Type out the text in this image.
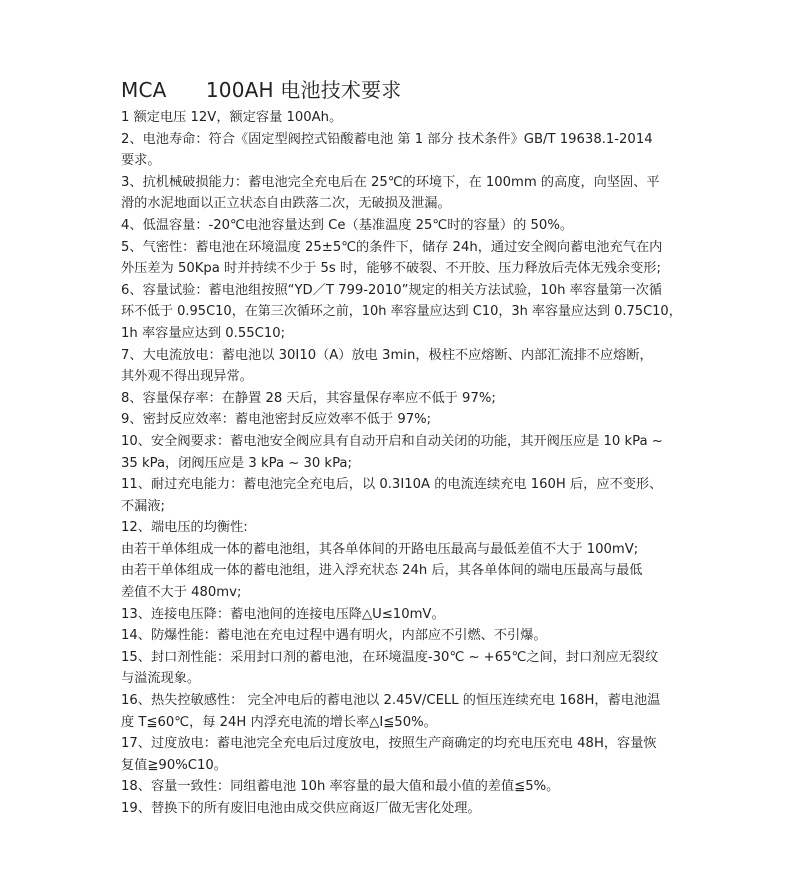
MCA      100AH 电池技术要求
1 额定电压 12V，额定容量 100Ah。
2、电池寿命：符合《固定型阀控式铅酸蓄电池 第 1 部分 技术条件》GB/T 19638.1-2014
要求。
3、抗机械破损能力：蓄电池完全充电后在 25℃的环境下，在 100mm 的高度，向坚固、平
滑的水泥地面以正立状态自由跌落二次，无破损及泄漏。
4、低温容量：-20℃电池容量达到 Ce（基准温度 25℃时的容量）的 50%。
5、气密性：蓄电池在环境温度 25±5℃的条件下，储存 24h，通过安全阀向蓄电池充气在内
外压差为 50Kpa 时并持续不少于 5s 时，能够不破裂、不开胶、压力释放后壳体无残余变形;
6、容量试验：蓄电池组按照“YD／T 799-2010”规定的相关方法试验，10h 率容量第一次循
环不低于 0.95C10，在第三次循环之前，10h 率容量应达到 C10，3h 率容量应达到 0.75C10，
1h 率容量应达到 0.55C10;
7、大电流放电：蓄电池以 30I10（A）放电 3min，极柱不应熔断、内部汇流排不应熔断，
其外观不得出现异常。
8、容量保存率：在静置 28 天后，其容量保存率应不低于 97%;
9、密封反应效率：蓄电池密封反应效率不低于 97%;
10、安全阀要求：蓄电池安全阀应具有自动开启和自动关闭的功能，其开阀压应是 10 kPa ~
35 kPa，闭阀压应是 3 kPa ~ 30 kPa;
11、耐过充电能力：蓄电池完全充电后，以 0.3I10A 的电流连续充电 160H 后，应不变形、
不漏液;
12、端电压的均衡性:
由若干单体组成一体的蓄电池组，其各单体间的开路电压最高与最低差值不大于 100mV;
由若干单体组成一体的蓄电池组，进入浮充状态 24h 后，其各单体间的端电压最高与最低
差值不大于 480mv;
13、连接电压降：蓄电池间的连接电压降△U≤10mV。
14、防爆性能：蓄电池在充电过程中遇有明火，内部应不引燃、不引爆。
15、封口剂性能：采用封口剂的蓄电池，在环境温度-30℃ ~ +65℃之间，封口剂应无裂纹
与溢流现象。
16、热失控敏感性： 完全冲电后的蓄电池以 2.45V/CELL 的恒压连续充电 168H，蓄电池温
度 T≦60℃，每 24H 内浮充电流的增长率△I≦50%。
17、过度放电：蓄电池完全充电后过度放电，按照生产商确定的均充电压充电 48H，容量恢
复值≧90%C10。
18、容量一致性：同组蓄电池 10h 率容量的最大值和最小值的差值≦5%。
19、替换下的所有废旧电池由成交供应商返厂做无害化处理。
